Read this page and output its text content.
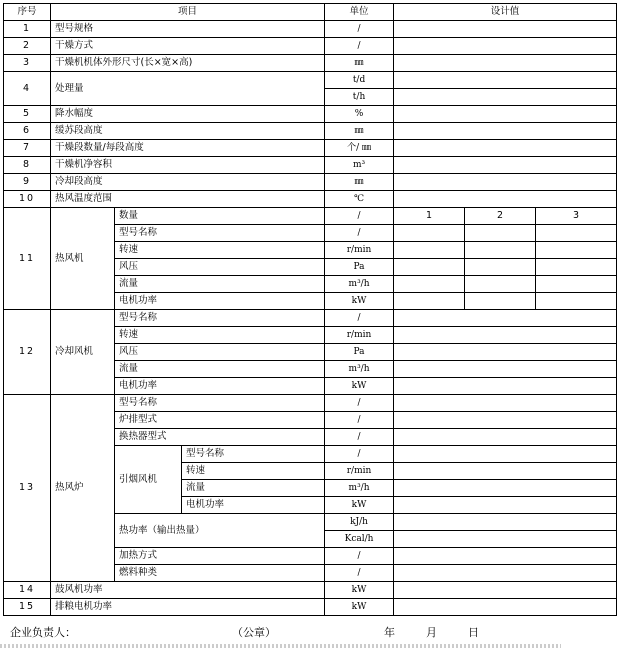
序号	项目			单位	设计值		
1	型号规格			/			
2	干燥方式			/			
3	干燥机机体外形尺寸(长×宽×高)			㎜			
4	处理量			t/d			
				t/h			
5	降水幅度			%			
6	缓苏段高度			㎜			
7	干燥段数量/每段高度			个/ ㎜			
8	干燥机净容积			m³			
9	冷却段高度			㎜			
10	热风温度范围			℃			
11	热风机	数量		/	1	2	3
		型号名称		/			
		转速		r/min			
		风压		Pa			
		流量		m³/h			
		电机功率		kW			
12	冷却风机	型号名称		/			
		转速		r/min			
		风压		Pa			
		流量		m³/h			
		电机功率		kW			
13	热风炉	型号名称		/			
		炉排型式		/			
		换热器型式		/			
		引烟风机	型号名称	/			
			转速	r/min			
			流量	m³/h			
			电机功率	kW			
		热功率（输出热量）		kJ/h			
				Kcal/h			
		加热方式		/			
		燃料种类		/			
14	鼓风机功率			kW			
15	排粮电机功率			kW			
企业负责人：	（公章）	年	月	日
